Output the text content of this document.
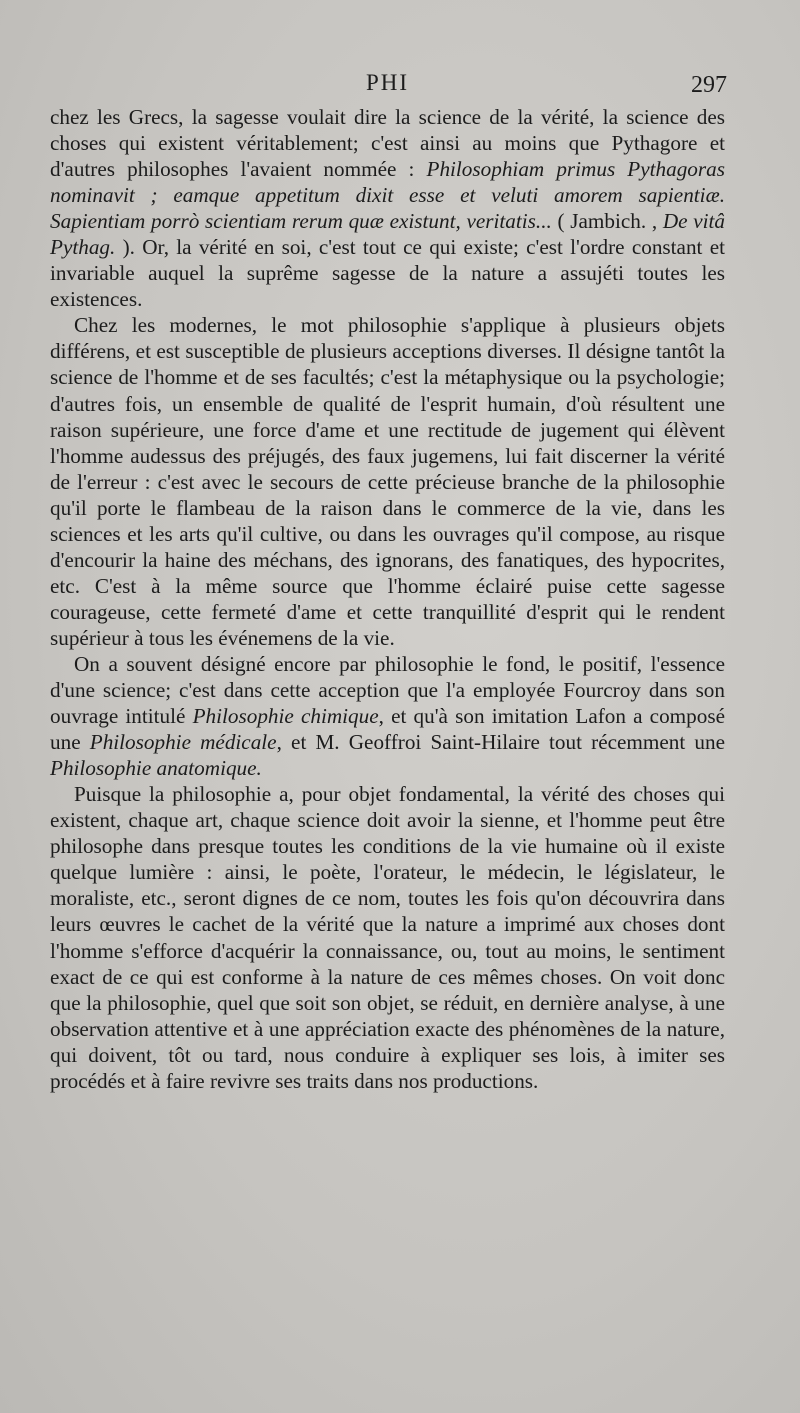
PHI	297

chez les Grecs, la sagesse voulait dire la science de la vérité, la science des choses qui existent véritablement; c'est ainsi au moins que Pythagore et d'autres philosophes l'avaient nommée : Philosophiam primus Pythagoras nominavit ; eamque appetitum dixit esse et veluti amorem sapientiæ. Sapientiam porrò scientiam rerum quæ existunt, veritatis... ( Jambich. , De vitâ Pythag. ). Or, la vérité en soi, c'est tout ce qui existe; c'est l'ordre constant et invariable auquel la suprême sagesse de la nature a assujéti toutes les existences.

Chez les modernes, le mot philosophie s'applique à plusieurs objets différens, et est susceptible de plusieurs acceptions diverses. Il désigne tantôt la science de l'homme et de ses facultés; c'est la métaphysique ou la psychologie; d'autres fois, un ensemble de qualité de l'esprit humain, d'où résultent une raison supérieure, une force d'ame et une rectitude de jugement qui élèvent l'homme audessus des préjugés, des faux jugemens, lui fait discerner la vérité de l'erreur : c'est avec le secours de cette précieuse branche de la philosophie qu'il porte le flambeau de la raison dans le commerce de la vie, dans les sciences et les arts qu'il cultive, ou dans les ouvrages qu'il compose, au risque d'encourir la haine des méchans, des ignorans, des fanatiques, des hypocrites, etc. C'est à la même source que l'homme éclairé puise cette sagesse courageuse, cette fermeté d'ame et cette tranquillité d'esprit qui le rendent supérieur à tous les événemens de la vie.

On a souvent désigné encore par philosophie le fond, le positif, l'essence d'une science; c'est dans cette acception que l'a employée Fourcroy dans son ouvrage intitulé Philosophie chimique, et qu'à son imitation Lafon a composé une Philosophie médicale, et M. Geoffroi Saint-Hilaire tout récemment une Philosophie anatomique.

Puisque la philosophie a, pour objet fondamental, la vérité des choses qui existent, chaque art, chaque science doit avoir la sienne, et l'homme peut être philosophe dans presque toutes les conditions de la vie humaine où il existe quelque lumière : ainsi, le poète, l'orateur, le médecin, le législateur, le moraliste, etc., seront dignes de ce nom, toutes les fois qu'on découvrira dans leurs œuvres le cachet de la vérité que la nature a imprimé aux choses dont l'homme s'efforce d'acquérir la connaissance, ou, tout au moins, le sentiment exact de ce qui est conforme à la nature de ces mêmes choses. On voit donc que la philosophie, quel que soit son objet, se réduit, en dernière analyse, à une observation attentive et à une appréciation exacte des phénomènes de la nature, qui doivent, tôt ou tard, nous conduire à expliquer ses lois, à imiter ses procédés et à faire revivre ses traits dans nos productions.
